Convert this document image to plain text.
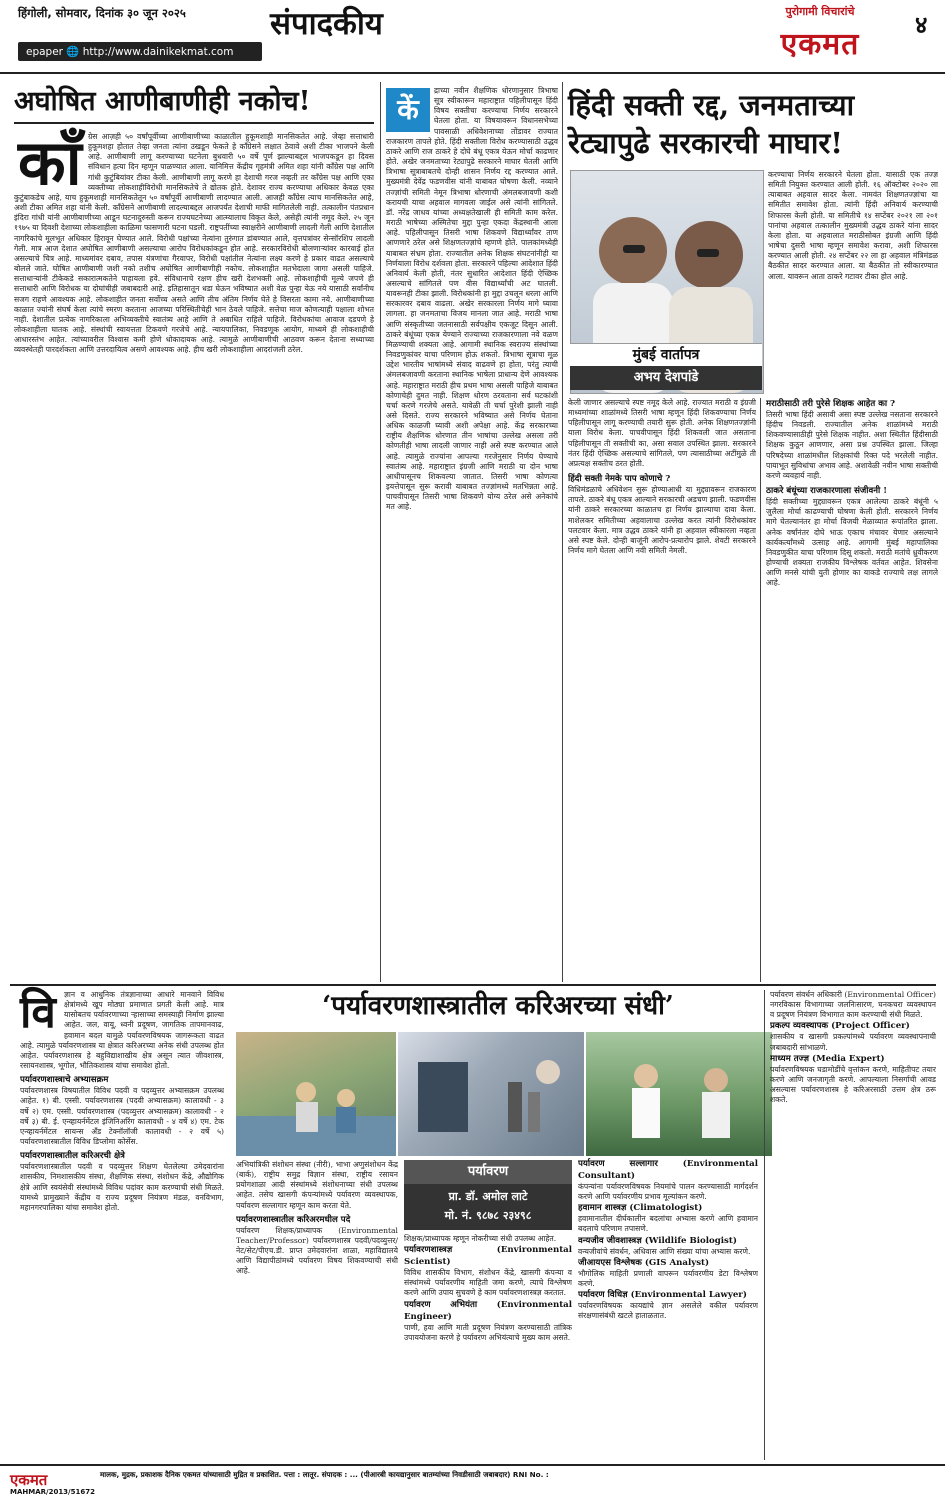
हिंगोली, सोमवार, दिनांक ३० जून २०२५
epaper 🌐 http://www.dainikekmat.com
संपादकीय	पुरोगामी विचारांचे
एकमत
४
अघोषित आणीबाणीही नकोच!
काँ ग्रेस आज़ही ५० वर्षांपूर्वीच्या आणीबाणीच्या काळातील हुकूमशाही मानसिकतेत आहे. जेव्हा सत्ताधारी हुकूमशहा होतात तेव्हा जनता त्यांना उखडून फेकते हे काँग्रेसने लक्षात ठेवावे अशी टीका भाजपने केली आहे. आणीबाणी लागू करण्याच्या घटनेला बुधवारी ५० वर्षे पूर्ण झाल्याबद्दल भाजपकडून हा दिवस संविधान हत्या दिन म्हणून पाळण्यात आला. यानिमित्त केंद्रीय गृहमंत्री अमित शहा यांनी काँग्रेस पक्ष आणि गांधी कुटुंबियांवर टीका केली. आणीबाणी लागू करणे हा देशाची गरज नव्हती तर काँग्रेस पक्ष आणि एका व्यक्तीच्या लोकशाहीविरोधी मानसिकतेचे ते द्योतक होते. देशावर राज्य करण्याचा अधिकार केवळ एका कुटुंबाकडेच आहे, याच हुकूमशाही मानसिकतेतून ५० वर्षांपूर्वी आणीबाणी लादण्यात आली. आजही काँग्रेस त्याच मानसिकतेत आहे, अशी टीका अमित शहा यांनी केली. काँग्रेसने आणीबाणी लादल्याबद्दल आजपर्यंत देशाची माफी मागितलेली नाही. तत्कालीन पंतप्रधान इंदिरा गांधी यांनी आणीबाणीच्या आडून घटनादुरुस्ती करून राज्यघटनेच्या आत्म्यालाच विकृत केले, असेही त्यांनी नमूद केले. २५ जून १९७५ या दिवशी देशाच्या लोकशाहीला काळिमा फासणारी घटना घडली. राष्ट्रपतींच्या स्वाक्षरीने आणीबाणी लादली गेली आणि देशातील नागरिकांचे मूलभूत अधिकार हिरावून घेण्यात आले. विरोधी पक्षांच्या नेत्यांना तुरुंगात डांबण्यात आले, वृत्तपत्रांवर सेन्सॉरशिप लादली गेली. मात्र आज देशात अघोषित आणीबाणी असल्याचा आरोप विरोधकांकडून होत आहे. सरकारविरोधी बोलणाऱ्यांवर कारवाई होत असल्याचे चित्र आहे. माध्यमांवर दबाव, तपास यंत्रणांचा गैरवापर, विरोधी पक्षांतील नेत्यांना लक्ष्य करणे हे प्रकार वाढत असल्याचे बोलले जाते. घोषित आणीबाणी जशी नको तशीच अघोषित आणीबाणीही नकोच. लोकशाहीत मतभेदाला जागा असली पाहिजे. सत्ताधाऱ्यांनी टीकेकडे सकारात्मकतेने पाहायला हवे. संविधानाचे रक्षण हीच खरी देशभक्ती आहे. लोकशाहीची मूल्ये जपणे ही सत्ताधारी आणि विरोधक या दोघांचीही जबाबदारी आहे. इतिहासातून धडा घेऊन भविष्यात अशी वेळ पुन्हा येऊ नये यासाठी सर्वांनीच सजग राहणे आवश्यक आहे. लोकशाहीत जनता सर्वोच्च असते आणि तीच अंतिम निर्णय घेते हे विसरता कामा नये. आणीबाणीच्या काळात ज्यांनी संघर्ष केला त्यांचे स्मरण करताना आजच्या परिस्थितीचेही भान ठेवले पाहिजे. सत्तेचा माज कोणत्याही पक्षाला शोभत नाही. देशातील प्रत्येक नागरिकाला अभिव्यक्तीचे स्वातंत्र्य आहे आणि ते अबाधित राहिले पाहिजे. विरोधकांचा आवाज दडपणे हे लोकशाहीला घातक आहे. संस्थांची स्वायत्तता टिकवणे गरजेचे आहे. न्यायपालिका, निवडणूक आयोग, माध्यमे ही लोकशाहीची आधारस्तंभ आहेत. त्यांच्यावरील विश्वास कमी होणे धोकादायक आहे. त्यामुळे आणीबाणीची आठवण करून देताना सध्याच्या व्यवस्थेतही पारदर्शकता आणि उत्तरदायित्व असणे आवश्यक आहे. हीच खरी लोकशाहीला आदरांजली ठरेल.

कें

द्राच्या नवीन शैक्षणिक धोरणानुसार त्रिभाषा सूत्र स्वीकारून महाराष्ट्रात पहिलीपासून हिंदी विषय सक्तीचा करण्याचा निर्णय सरकारने घेतला होता. या विषयावरून विधानसभेच्या पावसाळी अधिवेशनाच्या तोंडावर राज्यात राजकारण तापले होते. हिंदी सक्तीला विरोध करण्यासाठी उद्धव ठाकरे आणि राज ठाकरे हे दोघे बंधू एकत्र येऊन मोर्चा काढणार होते. अखेर जनमताच्या रेट्यापुढे सरकारने माघार घेतली आणि त्रिभाषा सूत्राबाबतचे दोन्ही शासन निर्णय रद्द करण्यात आले. मुख्यमंत्री देवेंद्र फडणवीस यांनी याबाबत घोषणा केली. नव्याने तज्ज्ञांची समिती नेमून त्रिभाषा धोरणाची अंमलबजावणी कशी करायची याचा अहवाल मागवला जाईल असे त्यांनी सांगितले. डॉ. नरेंद्र जाधव यांच्या अध्यक्षतेखाली ही समिती काम करेल. मराठी भाषेच्या अस्मितेचा मुद्दा पुन्हा एकदा केंद्रस्थानी आला आहे. पहिलीपासून तिसरी भाषा शिकवणे विद्यार्थ्यांवर ताण आणणारे ठरेल असे शिक्षणतज्ज्ञांचे म्हणणे होते. पालकांमध्येही याबाबत संभ्रम होता. राज्यातील अनेक शिक्षक संघटनांनीही या निर्णयाला विरोध दर्शवला होता. सरकारने पहिल्या आदेशात हिंदी अनिवार्य केली होती, नंतर सुधारित आदेशात हिंदी ऐच्छिक असल्याचे सांगितले पण वीस विद्यार्थ्यांची अट घातली. यावरूनही टीका झाली. विरोधकांनी हा मुद्दा उचलून धरला आणि सरकारवर दबाव वाढला. अखेर सरकारला निर्णय मागे घ्यावा लागला. हा जनमताचा विजय मानला जात आहे. मराठी भाषा आणि संस्कृतीच्या जतनासाठी सर्वपक्षीय एकजूट दिसून आली. ठाकरे बंधूंच्या एकत्र येण्याने राज्याच्या राजकारणाला नवे वळण मिळण्याची शक्यता आहे. आगामी स्थानिक स्वराज्य संस्थांच्या निवडणुकांवर याचा परिणाम होऊ शकतो. त्रिभाषा सूत्राचा मूळ उद्देश भारतीय भाषांमध्ये संवाद वाढवणे हा होता, परंतु त्याची अंमलबजावणी करताना स्थानिक भाषेला प्राधान्य देणे आवश्यक आहे. महाराष्ट्रात मराठी हीच प्रथम भाषा असली पाहिजे याबाबत कोणाचेही दुमत नाही. शिक्षण धोरण ठरवताना सर्व घटकांशी चर्चा करणे गरजेचे असते. यावेळी ती चर्चा पुरेशी झाली नाही असे दिसते. राज्य सरकारने भविष्यात असे निर्णय घेताना अधिक काळजी घ्यावी अशी अपेक्षा आहे. केंद्र सरकारच्या राष्ट्रीय शैक्षणिक धोरणात तीन भाषांचा उल्लेख असला तरी कोणतीही भाषा लादली जाणार नाही असे स्पष्ट करण्यात आले आहे. त्यामुळे राज्यांना आपल्या गरजेनुसार निर्णय घेण्याचे स्वातंत्र्य आहे. महाराष्ट्रात इंग्रजी आणि मराठी या दोन भाषा आधीपासूनच शिकवल्या जातात. तिसरी भाषा कोणत्या इयत्तेपासून सुरू करावी याबाबत तज्ज्ञांमध्ये मतभिन्नता आहे. पाचवीपासून तिसरी भाषा शिकवणे योग्य ठरेल असे अनेकांचे मत आहे.

हिंदी सक्ती रद्द, जनमताच्या
रेट्यापुढे सरकारची माघार!
मुंबई वार्तापत्र
अभय देशपांडे

करण्याचा निर्णय सरकारने घेतला होता. यासाठी एक तज्ज्ञ समिती नियुक्त करण्यात आली होती. १६ ऑक्टोबर २०२० ला त्याबाबत अहवाल सादर केला. नामवंत शिक्षणतज्ज्ञांचा या समितीत समावेश होता. त्यांनी हिंदी अनिवार्य करण्याची शिफारस केली होती. या समितीचे १४ सप्टेंबर २०२१ ला २०१ पानांचा अहवाल तत्कालीन मुख्यमंत्री उद्धव ठाकरे यांना सादर केला होता. या अहवालात मराठीसोबत इंग्रजी आणि हिंदी भाषेचा दुसरी भाषा म्हणून समावेश करावा, अशी शिफारस करण्यात आली होती. २४ सप्टेंबर २२ ला हा अहवाल मंत्रिमंडळ बैठकीत सादर करण्यात आला. या बैठकीत तो स्वीकारण्यात आला. यावरून आता ठाकरे गटावर टीका होत आहे.

केली जाणार असल्याचे स्पष्ट नमूद केले आहे. राज्यात मराठी व इंग्रजी माध्यमांच्या शाळांमध्ये तिसरी भाषा म्हणून हिंदी शिकवण्याचा निर्णय पहिलीपासून लागू करण्याची तयारी सुरू होती. अनेक शिक्षणतज्ज्ञांनी याला विरोध केला. पाचवीपासून हिंदी शिकवली जात असताना पहिलीपासून ती सक्तीची का, असा सवाल उपस्थित झाला. सरकारने नंतर हिंदी ऐच्छिक असल्याचे सांगितले, पण त्यासाठीच्या अटींमुळे ती अप्रत्यक्ष सक्तीच ठरत होती.

हिंदी सक्ती नेमके पाप कोणाचे ?

विधिमंडळाचे अधिवेशन सुरू होण्याआधी या मुद्द्यावरून राजकारण तापले. ठाकरे बंधू एकत्र आल्याने सरकारची अडचण झाली. फडणवीस यांनी ठाकरे सरकारच्या काळातच हा निर्णय झाल्याचा दावा केला. माशेलकर समितीच्या अहवालाचा उल्लेख करत त्यांनी विरोधकांवर पलटवार केला. मात्र उद्धव ठाकरे यांनी हा अहवाल स्वीकारला नव्हता असे स्पष्ट केले. दोन्ही बाजूंनी आरोप-प्रत्यारोप झाले. शेवटी सरकारने निर्णय मागे घेतला आणि नवी समिती नेमली.

मराठीसाठी तरी पुरेसे शिक्षक आहेत का ?

तिसरी भाषा हिंदी असावी असा स्पष्ट उल्लेख नसताना सरकारने हिंदीच निवडली. राज्यातील अनेक शाळांमध्ये मराठी शिकवण्यासाठीही पुरेसे शिक्षक नाहीत. अशा स्थितीत हिंदीसाठी शिक्षक कुठून आणणार, असा प्रश्न उपस्थित झाला. जिल्हा परिषदेच्या शाळांमधील शिक्षकांची रिक्त पदे भरलेली नाहीत. पायाभूत सुविधांचा अभाव आहे. अशावेळी नवीन भाषा सक्तीची करणे व्यवहार्य नाही.

ठाकरे बंधूंच्या राजकारणाला संजीवनी !

हिंदी सक्तीच्या मुद्द्यावरून एकत्र आलेल्या ठाकरे बंधूंनी ५ जुलैला मोर्चा काढण्याची घोषणा केली होती. सरकारने निर्णय मागे घेतल्यानंतर हा मोर्चा विजयी मेळाव्यात रूपांतरित झाला. अनेक वर्षांनंतर दोघे भाऊ एकाच मंचावर येणार असल्याने कार्यकर्त्यांमध्ये उत्साह आहे. आगामी मुंबई महापालिका निवडणुकीत याचा परिणाम दिसू शकतो. मराठी मतांचे ध्रुवीकरण होण्याची शक्यता राजकीय विश्लेषक वर्तवत आहेत. शिवसेना आणि मनसे यांची युती होणार का याकडे राज्याचे लक्ष लागले आहे.

‘पर्यावरणशास्त्रातील करिअरच्या संधी’
वि	ज्ञान व आधुनिक तंत्रज्ञानाच्या आधारे मानवाने विविध क्षेत्रांमध्ये खूप मोठ्या प्रमाणात प्रगती केली आहे. मात्र यासोबतच पर्यावरणाच्या ऱ्हासाच्या समस्याही निर्माण झाल्या आहेत. जल, वायू, ध्वनी प्रदूषण, जागतिक तापमानवाढ, हवामान बदल यामुळे पर्यावरणविषयक जागरूकता वाढत आहे. त्यामुळे पर्यावरणशास्त्र या क्षेत्रात करिअरच्या अनेक संधी उपलब्ध होत आहेत. पर्यावरणशास्त्र हे बहुविद्याशाखीय क्षेत्र असून त्यात जीवशास्त्र, रसायनशास्त्र, भूगोल, भौतिकशास्त्र यांचा समावेश होतो.

पर्यावरणशास्त्राचे अभ्यासक्रम

पर्यावरणशास्त्र विषयातील विविध पदवी व पदव्युत्तर अभ्यासक्रम उपलब्ध आहेत. १) बी. एस्सी. पर्यावरणशास्त्र (पदवी अभ्यासक्रम) कालावधी - ३ वर्षे २) एम. एस्सी. पर्यावरणशास्त्र (पदव्युत्तर अभ्यासक्रम) कालावधी - २ वर्षे ३) बी. ई. एन्व्हायर्नमेंटल इंजिनिअरिंग कालावधी - ४ वर्षे ४) एम. टेक एन्व्हायर्नमेंटल सायन्स अँड टेक्नॉलॉजी कालावधी - २ वर्षे ५) पर्यावरणशास्त्रातील विविध डिप्लोमा कोर्सेस.

पर्यावरणशास्त्रातील करिअरची क्षेत्रे

पर्यावरणशास्त्रातील पदवी व पदव्युत्तर शिक्षण घेतलेल्या उमेदवारांना शासकीय, निमशासकीय संस्था, शैक्षणिक संस्था, संशोधन केंद्रे, औद्योगिक क्षेत्रे आणि स्वयंसेवी संस्थांमध्ये विविध पदांवर काम करण्याची संधी मिळते. यामध्ये प्रामुख्याने केंद्रीय व राज्य प्रदूषण नियंत्रण मंडळ, वनविभाग, महानगरपालिका यांचा समावेश होतो.

पर्यावरण
प्रा. डॉ. अमोल लाटे
मो. नं. ९८७८ २३४९८

अभियांत्रिकी संशोधन संस्था (नीरी), भाभा अणुसंशोधन केंद्र (बार्क), राष्ट्रीय समुद्र विज्ञान संस्था, राष्ट्रीय रसायन प्रयोगशाळा आदी संस्थांमध्ये संशोधनाच्या संधी उपलब्ध आहेत. तसेच खासगी कंपन्यांमध्ये पर्यावरण व्यवस्थापक, पर्यावरण सल्लागार म्हणून काम करता येते.

पर्यावरणशास्त्रातील करिअरमधील पदे

पर्यावरण शिक्षक/प्राध्यापक (Environmental Teacher/Professor) पर्यावरणशास्त्र पदवी/पदव्युत्तर/नेट/सेट/पीएच.डी. प्राप्त उमेदवारांना शाळा, महाविद्यालये आणि विद्यापीठांमध्ये पर्यावरण विषय शिकवण्याची संधी आहे.

शिक्षक/प्राध्यापक म्हणून नोकरीच्या संधी उपलब्ध आहेत.

पर्यावरणशास्त्रज्ञ (Environmental Scientist)

विविध शासकीय विभाग, संशोधन केंद्रे, खासगी कंपन्या व संस्थांमध्ये पर्यावरणीय माहिती जमा करणे, त्याचे विश्लेषण करणे आणि उपाय सुचवणे हे काम पर्यावरणशास्त्रज्ञ करतात.

पर्यावरण अभियंता (Environmental Engineer)

पाणी, हवा आणि माती प्रदूषण नियंत्रण करण्यासाठी तांत्रिक उपाययोजना करणे हे पर्यावरण अभियंत्याचे मुख्य काम असते.

पर्यावरण सल्लागार (Environmental Consultant)

कंपन्यांना पर्यावरणविषयक नियमांचे पालन करण्यासाठी मार्गदर्शन करणे आणि पर्यावरणीय प्रभाव मूल्यांकन करणे.

हवामान शास्त्रज्ञ (Climatologist)

हवामानातील दीर्घकालीन बदलांचा अभ्यास करणे आणि हवामान बदलाचे परिणाम तपासणे.

वन्यजीव जीवशास्त्रज्ञ (Wildlife Biologist)

वन्यजीवांचे संवर्धन, अधिवास आणि संख्या यांचा अभ्यास करणे.

जीआयएस विश्लेषक (GIS Analyst)

भौगोलिक माहिती प्रणाली वापरून पर्यावरणीय डेटा विश्लेषण करणे.

पर्यावरण विधिज्ञ (Environmental Lawyer)

पर्यावरणविषयक कायद्यांचे ज्ञान असलेले वकील पर्यावरण संरक्षणासंबंधी खटले हाताळतात.

पर्यावरण संवर्धन अधिकारी (Environmental Officer) नगरविकास विभागाच्या जलनिःसारण, घनकचरा व्यवस्थापन व प्रदूषण नियंत्रण विभागात काम करण्याची संधी मिळते.

प्रकल्प व्यवस्थापक (Project Officer)

शासकीय व खासगी प्रकल्पांमध्ये पर्यावरण व्यवस्थापनाची जबाबदारी सांभाळणे.

माध्यम तज्ज्ञ (Media Expert)

पर्यावरणविषयक घडामोडींचे वृत्तांकन करणे, माहितीपट तयार करणे आणि जनजागृती करणे. आपल्याला निसर्गाची आवड असल्यास पर्यावरणशास्त्र हे करिअरसाठी उत्तम क्षेत्र ठरू शकते.

एकमत
MAHMAR/2013/51672
मालक, मुद्रक, प्रकाशक दैनिक एकमत यांच्यासाठी मुद्रित व प्रकाशित. पत्ता : लातूर. संपादक : ... (पीआरबी कायद्यानुसार बातम्यांच्या निवडीसाठी जबाबदार) RNI No. :
